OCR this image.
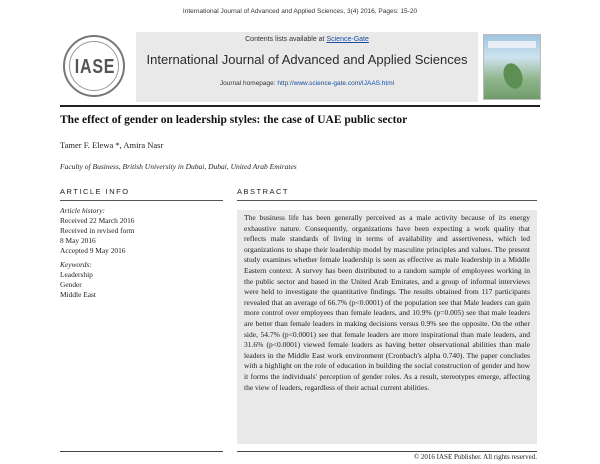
International Journal of Advanced and Applied Sciences, 3(4) 2016, Pages: 15-20
IASE
Contents lists available at Science-Gate
International Journal of Advanced and Applied Sciences
Journal homepage: http://www.science-gate.com/IJAAS.html
The effect of gender on leadership styles: the case of UAE public sector
Tamer F. Elewa *, Amira Nasr
Faculty of Business, British University in Dubai, Dubai, United Arab Emirates
ARTICLE INFO	ABSTRACT
Article history:
Received 22 March 2016
Received in revised form
8 May 2016
Accepted 9 May 2016
Keywords:
Leadership
Gender
Middle East
The business life has been generally perceived as a male activity because of its energy exhaustive nature. Consequently, organizations have been expecting a work quality that reflects male standards of living in terms of availability and assertiveness, which led organizations to shape their leadership model by masculine principles and values. The present study examines whether female leadership is seen as effective as male leadership in a Middle Eastern context. A survey has been distributed to a random sample of employees working in the public sector and based in the United Arab Emirates, and a group of informal interviews were held to investigate the quantitative findings. The results obtained from 117 participants revealed that an average of 66.7% (p<0.0001) of the population see that Male leaders can gain more control over employees than female leaders, and 10.9% (p=0.005) see that male leaders are better than female leaders in making decisions versus 0.9% see the opposite. On the other side, 54.7% (p<0.0001) see that female leaders are more inspirational than male leaders, and 31.6% (p<0.0001) viewed female leaders as having better observational abilities than male leaders in the Middle East work environment (Cronbach's alpha 0.740). The paper concludes with a highlight on the role of education in building the social construction of gender and how it forms the individuals' perception of gender roles. As a result, stereotypes emerge, affecting the view of leaders, regardless of their actual current abilities.
© 2016 IASE Publisher. All rights reserved.
